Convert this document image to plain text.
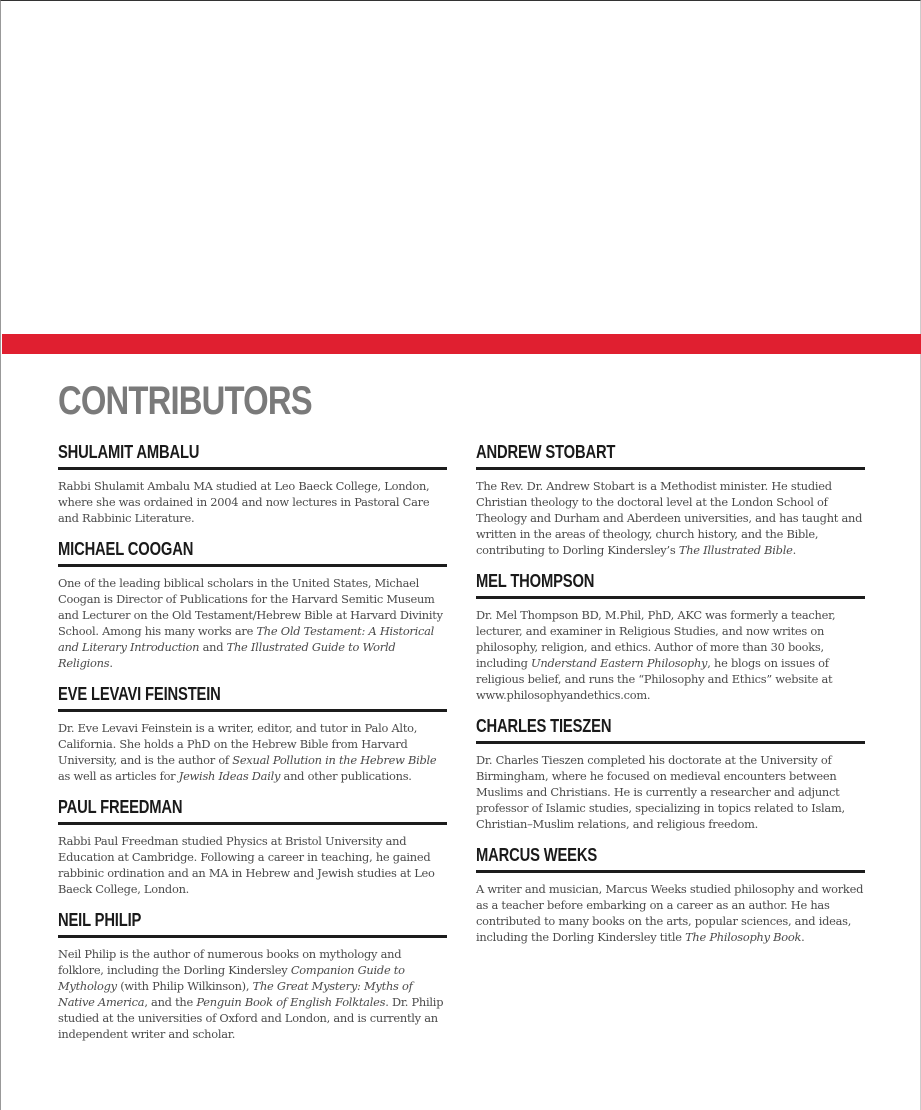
CONTRIBUTORS
SHULAMIT AMBALU

Rabbi Shulamit Ambalu MA studied at Leo Baeck College, London, where she was ordained in 2004 and now lectures in Pastoral Care and Rabbinic Literature.

MICHAEL COOGAN

One of the leading biblical scholars in the United States, Michael Coogan is Director of Publications for the Harvard Semitic Museum and Lecturer on the Old Testament/Hebrew Bible at Harvard Divinity School. Among his many works are The Old Testament: A Historical and Literary Introduction and The Illustrated Guide to World Religions.

EVE LEVAVI FEINSTEIN

Dr. Eve Levavi Feinstein is a writer, editor, and tutor in Palo Alto, California. She holds a PhD on the Hebrew Bible from Harvard University, and is the author of Sexual Pollution in the Hebrew Bible as well as articles for Jewish Ideas Daily and other publications.

PAUL FREEDMAN

Rabbi Paul Freedman studied Physics at Bristol University and Education at Cambridge. Following a career in teaching, he gained rabbinic ordination and an MA in Hebrew and Jewish studies at Leo Baeck College, London.

NEIL PHILIP

Neil Philip is the author of numerous books on mythology and folklore, including the Dorling Kindersley Companion Guide to Mythology (with Philip Wilkinson), The Great Mystery: Myths of Native America, and the Penguin Book of English Folktales. Dr. Philip studied at the universities of Oxford and London, and is currently an independent writer and scholar.

ANDREW STOBART

The Rev. Dr. Andrew Stobart is a Methodist minister. He studied Christian theology to the doctoral level at the London School of Theology and Durham and Aberdeen universities, and has taught and written in the areas of theology, church history, and the Bible, contributing to Dorling Kindersley’s The Illustrated Bible.

MEL THOMPSON

Dr. Mel Thompson BD, M.Phil, PhD, AKC was formerly a teacher, lecturer, and examiner in Religious Studies, and now writes on philosophy, religion, and ethics. Author of more than 30 books, including Understand Eastern Philosophy, he blogs on issues of religious belief, and runs the “Philosophy and Ethics” website at www.philosophyandethics.com.

CHARLES TIESZEN

Dr. Charles Tieszen completed his doctorate at the University of Birmingham, where he focused on medieval encounters between Muslims and Christians. He is currently a researcher and adjunct professor of Islamic studies, specializing in topics related to Islam, Christian–Muslim relations, and religious freedom.

MARCUS WEEKS

A writer and musician, Marcus Weeks studied philosophy and worked as a teacher before embarking on a career as an author. He has contributed to many books on the arts, popular sciences, and ideas, including the Dorling Kindersley title The Philosophy Book.
